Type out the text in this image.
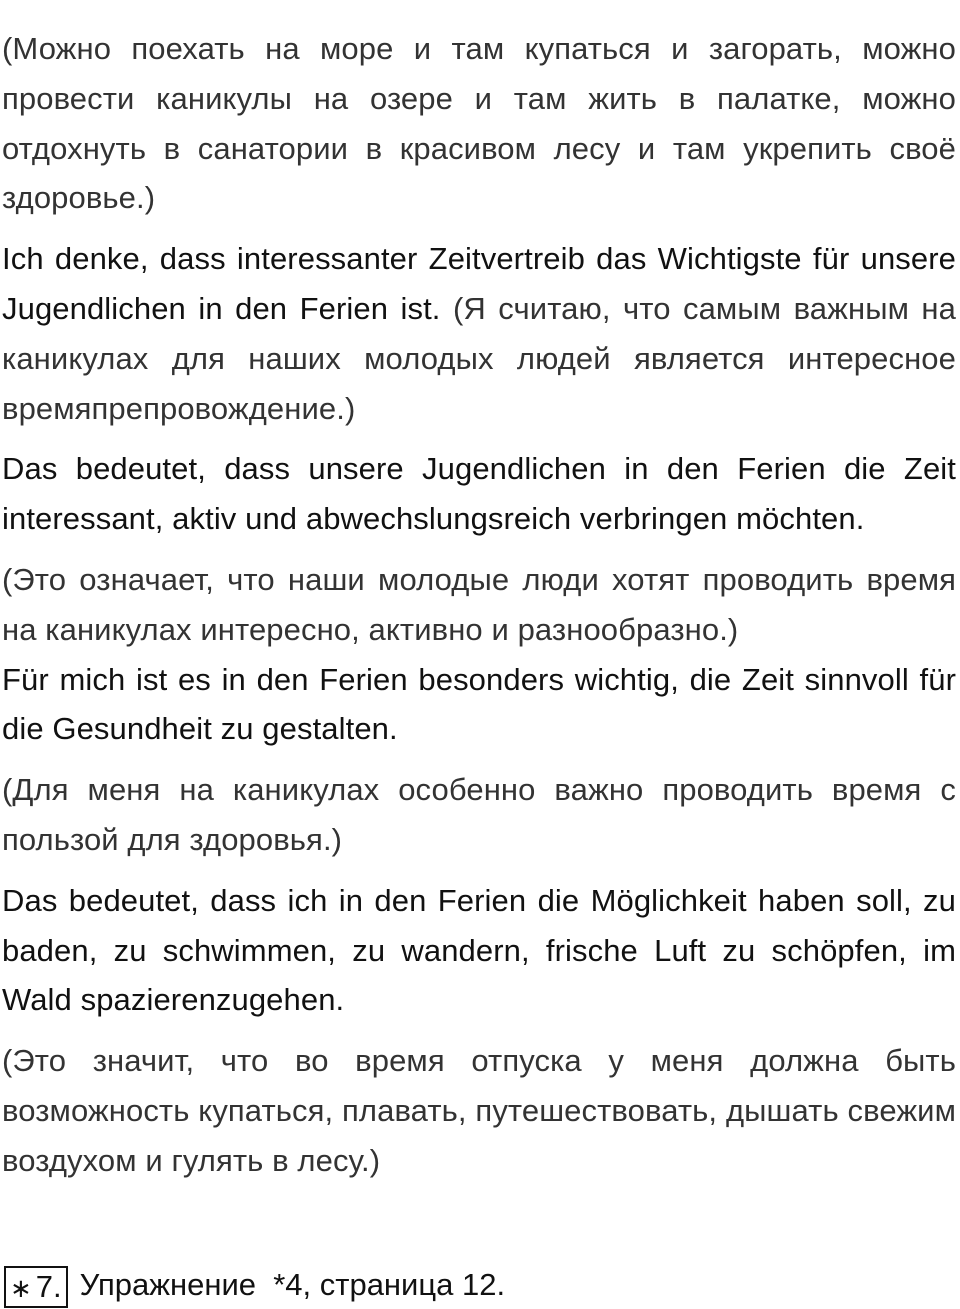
(Можно поехать на море и там купаться и загорать, можно провести каникулы на озере и там жить в палатке, можно отдохнуть в санатории в красивом лесу и там укрепить своё здоровье.)

Ich denke, dass interessanter Zeitvertreib das Wichtigste für unsere Jugendlichen in den Ferien ist. (Я считаю, что самым важным на каникулах для наших молодых людей является интересное времяпрепровождение.)

Das bedeutet, dass unsere Jugendlichen in den Ferien die Zeit interessant, aktiv und abwechslungsreich verbringen möchten.

(Это означает, что наши молодые люди хотят проводить время на каникулах интересно, активно и разнообразно.)

Für mich ist es in den Ferien besonders wichtig, die Zeit sinnvoll für die Gesundheit zu gestalten.

(Для меня на каникулах особенно важно проводить время с пользой для здоровья.)

Das bedeutet, dass ich in den Ferien die Möglichkeit haben soll, zu baden, zu schwimmen, zu wandern, frische Luft zu schöpfen, im Wald spazierenzugehen.

(Это значит, что во время отпуска у меня должна быть возможность купаться, плавать, путешествовать, дышать свежим воздухом и гулять в лесу.)

∗ 7. Упражнение  *4, страница 12.
